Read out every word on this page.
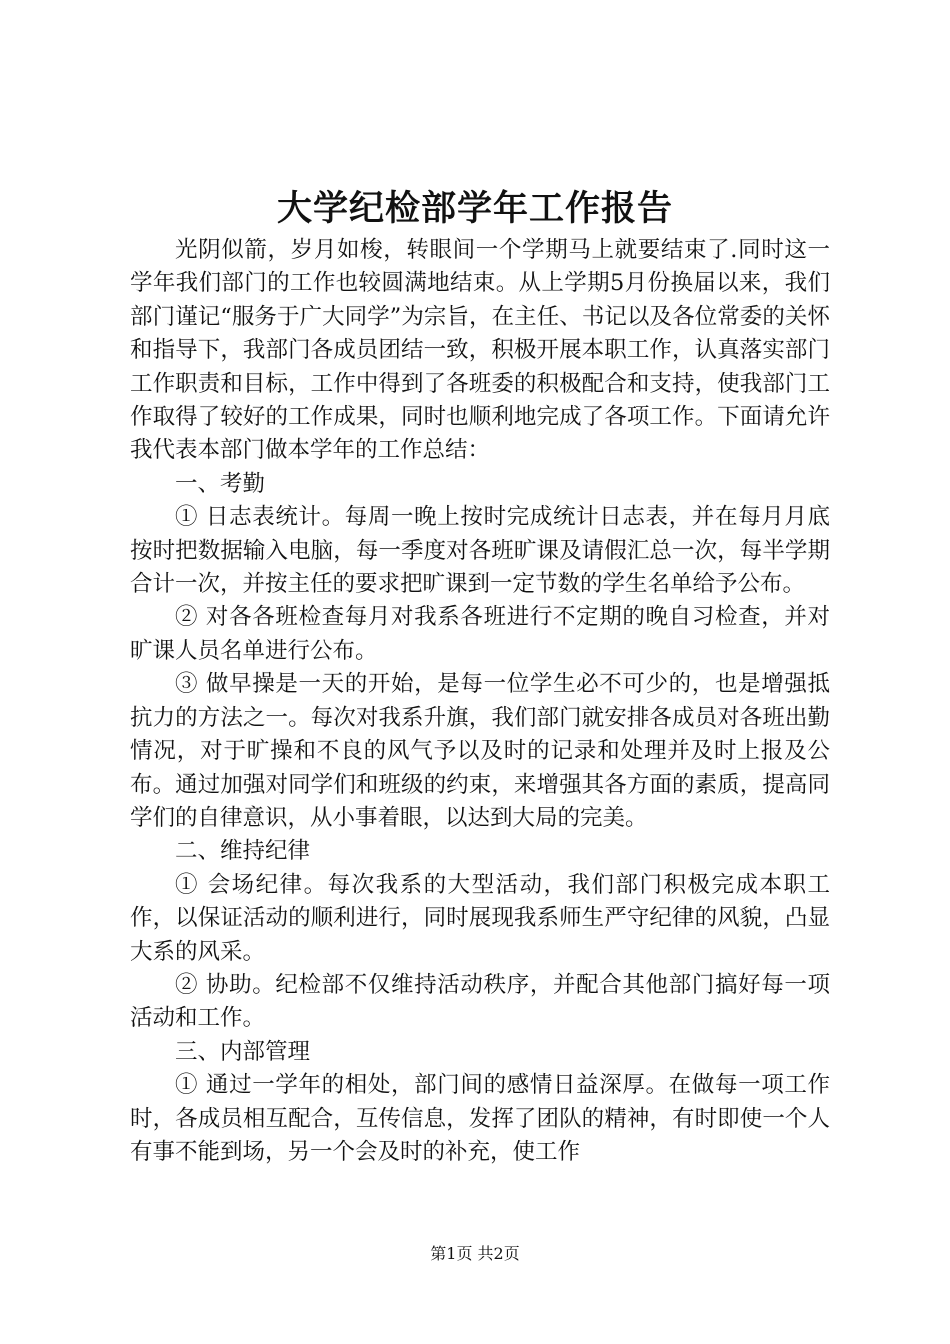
大学纪检部学年工作报告

光阴似箭，岁月如梭，转眼间一个学期马上就要结束了.同时这一学年我们部门的工作也较圆满地结束。从上学期5月份换届以来，我们部门谨记“服务于广大同学”为宗旨，在主任、书记以及各位常委的关怀和指导下，我部门各成员团结一致，积极开展本职工作，认真落实部门工作职责和目标，工作中得到了各班委的积极配合和支持，使我部门工作取得了较好的工作成果，同时也顺利地完成了各项工作。下面请允许我代表本部门做本学年的工作总结：

一、考勤

① 日志表统计。每周一晚上按时完成统计日志表，并在每月月底按时把数据输入电脑，每一季度对各班旷课及请假汇总一次，每半学期合计一次，并按主任的要求把旷课到一定节数的学生名单给予公布。

② 对各各班检查每月对我系各班进行不定期的晚自习检查，并对旷课人员名单进行公布。

③ 做早操是一天的开始，是每一位学生必不可少的，也是增强抵抗力的方法之一。每次对我系升旗，我们部门就安排各成员对各班出勤情况，对于旷操和不良的风气予以及时的记录和处理并及时上报及公布。通过加强对同学们和班级的约束，来增强其各方面的素质，提高同学们的自律意识，从小事着眼，以达到大局的完美。

二、维持纪律

① 会场纪律。每次我系的大型活动，我们部门积极完成本职工作，以保证活动的顺利进行，同时展现我系师生严守纪律的风貌，凸显大系的风采。

② 协助。纪检部不仅维持活动秩序，并配合其他部门搞好每一项活动和工作。

三、内部管理

① 通过一学年的相处，部门间的感情日益深厚。在做每一项工作时，各成员相互配合，互传信息，发挥了团队的精神，有时即使一个人有事不能到场，另一个会及时的补充，使工作

第1页 共2页
